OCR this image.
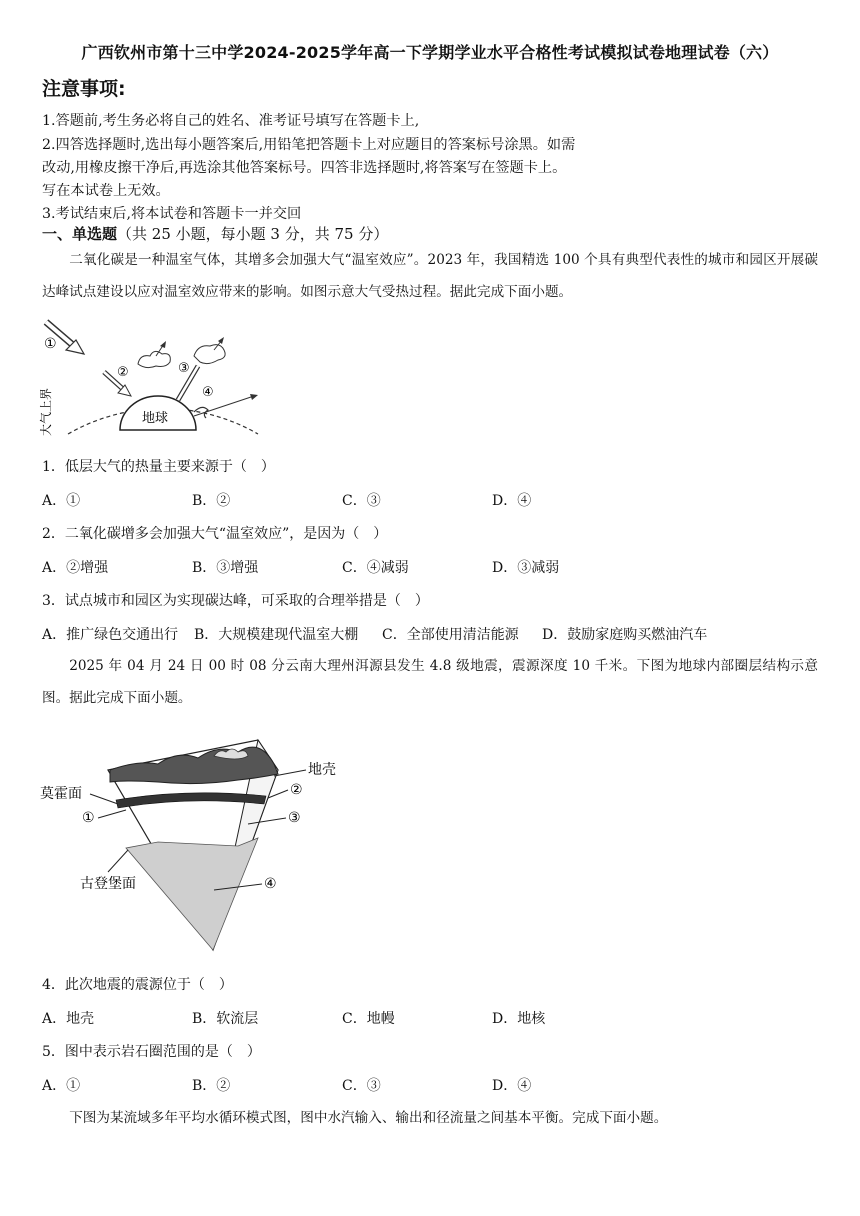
广西钦州市第十三中学2024-2025学年高一下学期学业水平合格性考试模拟试卷地理试卷（六）
注意事项:
1.答题前,考生务必将自己的姓名、准考证号填写在答题卡上,
2.四答选择题时,选出每小题答案后,用铅笔把答题卡上对应题目的答案标号涂黑。如需
改动,用橡皮擦干净后,再选涂其他答案标号。四答非选择题时,将答案写在签题卡上。
写在本试卷上无效。
3.考试结束后,将本试卷和答题卡一并交回
一、单选题（共 25 小题，每小题 3 分，共 75 分）
二氧化碳是一种温室气体，其增多会加强大气“温室效应”。2023 年，我国精选 100 个具有典型代表性的城市和园区开展碳达峰试点建设以应对温室效应带来的影响。如图示意大气受热过程。据此完成下面小题。
①
②	③
④
地球
大气上界
1．低层大气的热量主要来源于（　）
A．①	B．②	C．③	D．④
2．二氧化碳增多会加强大气“温室效应”，是因为（　）
A．②增强	B．③增强	C．④减弱	D．③减弱
3．试点城市和园区为实现碳达峰，可采取的合理举措是（　）
A．推广绿色交通出行 B．大规模建现代温室大棚 C．全部使用清洁能源 D．鼓励家庭购买燃油汽车
2025 年 04 月 24 日 00 时 08 分云南大理州洱源县发生 4.8 级地震，震源深度 10 千米。下图为地球内部圈层结构示意图。据此完成下面小题。
莫霍面
①
地壳
②
③
古登堡面	④
4．此次地震的震源位于（　）
A．地壳	B．软流层	C．地幔	D．地核
5．图中表示岩石圈范围的是（　）
A．①	B．②	C．③	D．④
下图为某流域多年平均水循环模式图，图中水汽输入、输出和径流量之间基本平衡。完成下面小题。
